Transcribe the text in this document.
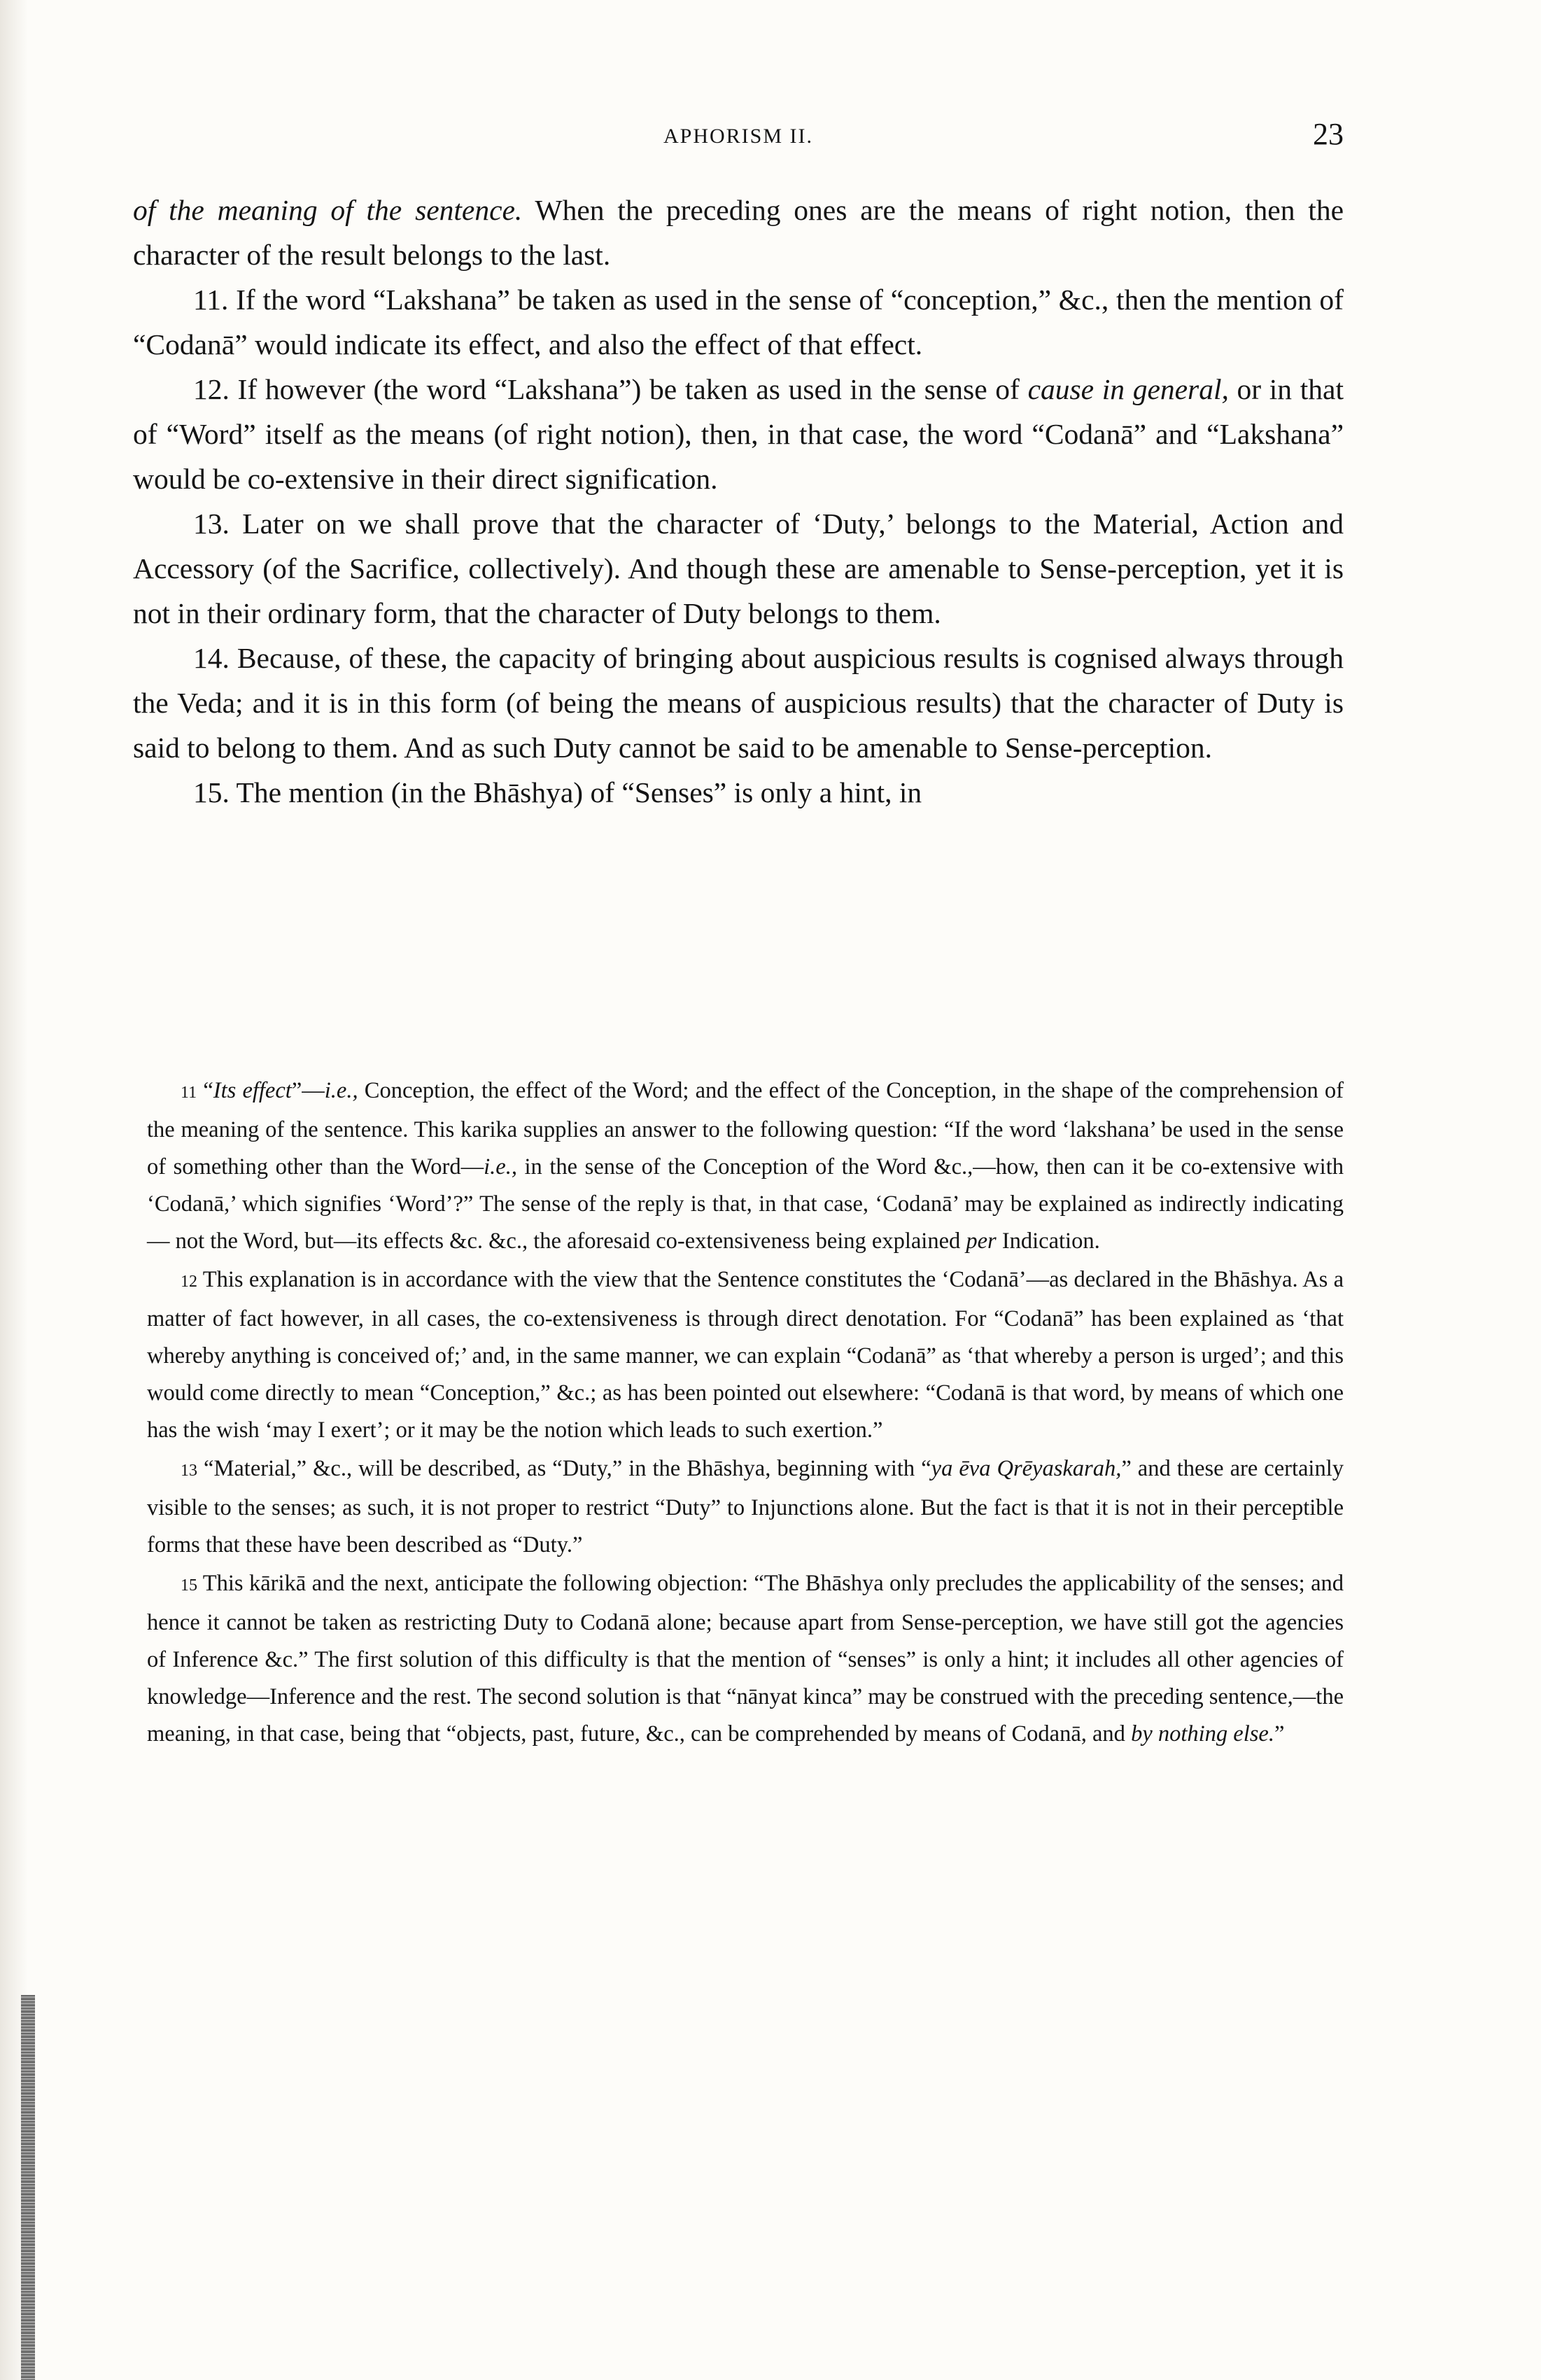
APHORISM II.	23

of the meaning of the sentence. When the preceding ones are the means of right notion, then the character of the result belongs to the last.

11. If the word “Lakshana” be taken as used in the sense of “conception,” &c., then the mention of “Codanā” would indicate its effect, and also the effect of that effect.

12. If however (the word “Lakshana”) be taken as used in the sense of cause in general, or in that of “Word” itself as the means (of right notion), then, in that case, the word “Codanā” and “Lakshana” would be co-extensive in their direct signification.

13. Later on we shall prove that the character of ‘Duty,’ belongs to the Material, Action and Accessory (of the Sacrifice, collectively). And though these are amenable to Sense-perception, yet it is not in their ordinary form, that the character of Duty belongs to them.

14. Because, of these, the capacity of bringing about auspicious results is cognised always through the Veda; and it is in this form (of being the means of auspicious results) that the character of Duty is said to belong to them. And as such Duty cannot be said to be amenable to Sense-perception.

15. The mention (in the Bhāshya) of “Senses” is only a hint, in

11 “Its effect”—i.e., Conception, the effect of the Word; and the effect of the Conception, in the shape of the comprehension of the meaning of the sentence. This karika supplies an answer to the following question: “If the word ‘lakshana’ be used in the sense of something other than the Word—i.e., in the sense of the Conception of the Word &c.,—how, then can it be co-extensive with ‘Codanā,’ which signifies ‘Word’?” The sense of the reply is that, in that case, ‘Codanā’ may be explained as indirectly indicating— not the Word, but—its effects &c. &c., the aforesaid co-extensiveness being explained per Indication.

12 This explanation is in accordance with the view that the Sentence constitutes the ‘Codanā’—as declared in the Bhāshya. As a matter of fact however, in all cases, the co-extensiveness is through direct denotation. For “Codanā” has been explained as ‘that whereby anything is conceived of;’ and, in the same manner, we can explain “Codanā” as ‘that whereby a person is urged’; and this would come directly to mean “Conception,” &c.; as has been pointed out elsewhere: “Codanā is that word, by means of which one has the wish ‘may I exert’; or it may be the notion which leads to such exertion.”

13 “Material,” &c., will be described, as “Duty,” in the Bhāshya, beginning with “ya ēva Qrēyaskarah,” and these are certainly visible to the senses; as such, it is not proper to restrict “Duty” to Injunctions alone. But the fact is that it is not in their perceptible forms that these have been described as “Duty.”

15 This kārikā and the next, anticipate the following objection: “The Bhāshya only precludes the applicability of the senses; and hence it cannot be taken as restricting Duty to Codanā alone; because apart from Sense-perception, we have still got the agencies of Inference &c.” The first solution of this difficulty is that the mention of “senses” is only a hint; it includes all other agencies of knowledge—Inference and the rest. The second solution is that “nānyat kinca” may be construed with the preceding sentence,—the meaning, in that case, being that “objects, past, future, &c., can be comprehended by means of Codanā, and by nothing else.”
